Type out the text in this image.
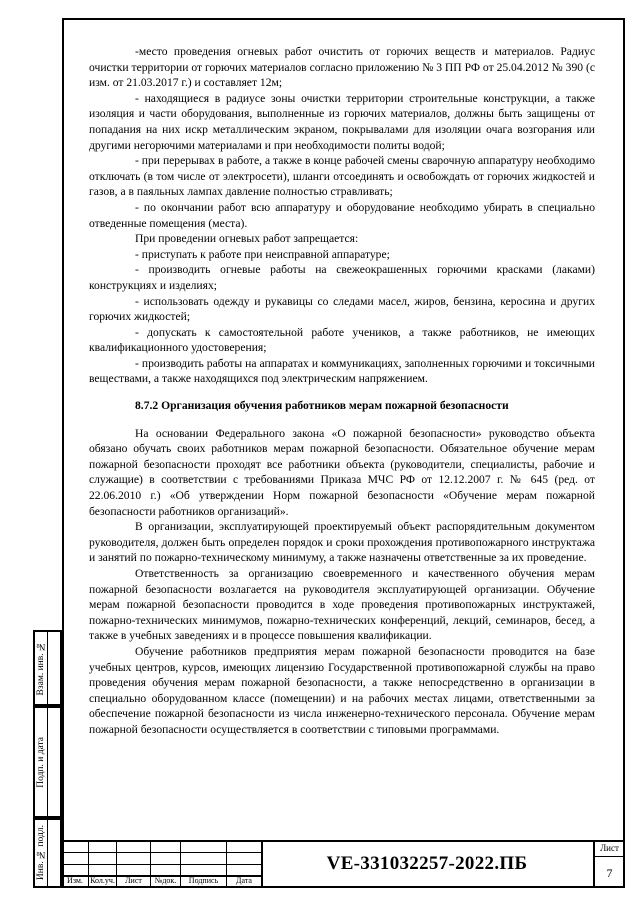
-место проведения огневых работ очистить от горючих веществ и материалов. Радиус очистки территории от горючих материалов согласно приложению № 3 ПП РФ от 25.04.2012 № 390 (с изм. от 21.03.2017 г.) и составляет 12м;

- находящиеся в радиусе зоны очистки территории строительные конструкции, а также изоляция и части оборудования, выполненные из горючих материалов, должны быть защищены от попадания на них искр металлическим экраном, покрывалами для изоляции очага возгорания или другими негорючими материалами и при необходимости политы водой;

- при перерывах в работе, а также в конце рабочей смены сварочную аппаратуру необходимо отключать (в том числе от электросети), шланги отсоединять и освобождать от горючих жидкостей и газов, а в паяльных лампах давление полностью стравливать;

- по окончании работ всю аппаратуру и оборудование необходимо убирать в специально отведенные помещения (места).

При проведении огневых работ запрещается:

- приступать к работе при неисправной аппаратуре;

- производить огневые работы на свежеокрашенных горючими красками (лаками) конструкциях и изделиях;

- использовать одежду и рукавицы со следами масел, жиров, бензина, керосина и других горючих жидкостей;

- допускать к самостоятельной работе учеников, а также работников, не имеющих квалификационного удостоверения;

- производить работы на аппаратах и коммуникациях, заполненных горючими и токсичными веществами, а также находящихся под электрическим напряжением.

8.7.2 Организация обучения работников мерам пожарной безопасности

На основании Федерального закона «О пожарной безопасности» руководство объекта обязано обучать своих работников мерам пожарной безопасности. Обязательное обучение мерам пожарной безопасности проходят все работники объекта (руководители, специалисты, рабочие и служащие) в соответствии с требованиями Приказа МЧС РФ от 12.12.2007 г. № 645 (ред. от 22.06.2010 г.) «Об утверждении Норм пожарной безопасности «Обучение мерам пожарной безопасности работников организаций».

В организации, эксплуатирующей проектируемый объект распорядительным документом руководителя, должен быть определен порядок и сроки прохождения противопожарного инструктажа и занятий по пожарно-техническому минимуму, а также назначены ответственные за их проведение.

Ответственность за организацию своевременного и качественного обучения мерам пожарной безопасности возлагается на руководителя эксплуатирующей организации. Обучение мерам пожарной безопасности проводится в ходе проведения противопожарных инструктажей, пожарно-технических минимумов, пожарно-технических конференций, лекций, семинаров, бесед, а также в учебных заведениях и в процессе повышения квалификации.

Обучение работников предприятия мерам пожарной безопасности проводится на базе учебных центров, курсов, имеющих лицензию Государственной противопожарной службы на право проведения обучения мерам пожарной безопасности, а также непосредственно в организации в специально оборудованном классе (помещении) и на рабочих местах лицами, ответственными за обеспечение пожарной безопасности из числа инженерно-технического персонала. Обучение мерам пожарной безопасности осуществляется в соответствии с типовыми программами.

Взам. инв. №
Подп. и дата
Инв. № подл.	Изм. Кол.уч.	Лист	№док.	Подпись	Дата
VE-331032257-2022.ПБ
Лист
7
